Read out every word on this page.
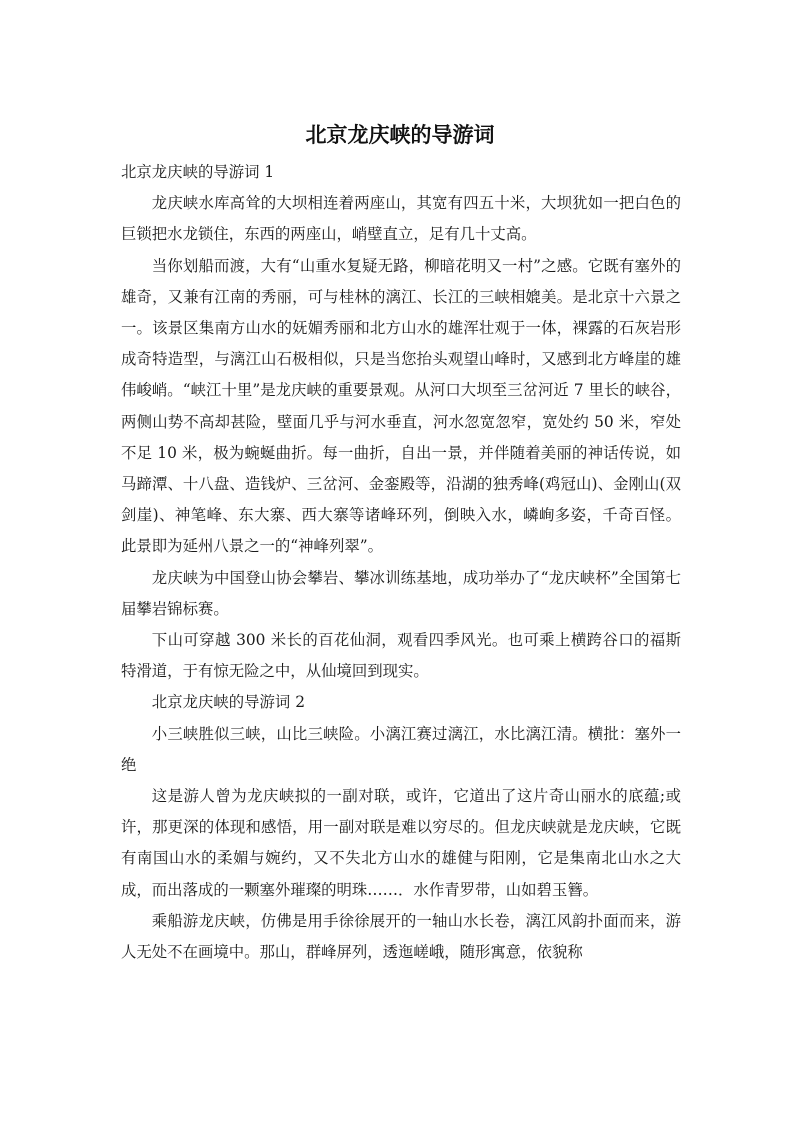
北京龙庆峡的导游词

北京龙庆峡的导游词 1

龙庆峡水库高耸的大坝相连着两座山，其宽有四五十米，大坝犹如一把白色的巨锁把水龙锁住，东西的两座山，峭壁直立，足有几十丈高。

当你划船而渡，大有“山重水复疑无路，柳暗花明又一村”之感。它既有塞外的雄奇，又兼有江南的秀丽，可与桂林的漓江、长江的三峡相媲美。是北京十六景之一。该景区集南方山水的妩媚秀丽和北方山水的雄浑壮观于一体，裸露的石灰岩形成奇特造型，与漓江山石极相似，只是当您抬头观望山峰时，又感到北方峰崖的雄伟峻峭。“峡江十里”是龙庆峡的重要景观。从河口大坝至三岔河近 7 里长的峡谷，两侧山势不高却甚险，壁面几乎与河水垂直，河水忽宽忽窄，宽处约 50 米，窄处不足 10 米，极为蜿蜒曲折。每一曲折，自出一景，并伴随着美丽的神话传说，如马蹄潭、十八盘、造钱炉、三岔河、金銮殿等，沿湖的独秀峰(鸡冠山)、金刚山(双剑崖)、神笔峰、东大寨、西大寨等诸峰环列，倒映入水，嶙峋多姿，千奇百怪。此景即为延州八景之一的“神峰列翠”。

龙庆峡为中国登山协会攀岩、攀冰训练基地，成功举办了“龙庆峡杯”全国第七届攀岩锦标赛。

下山可穿越 300 米长的百花仙洞，观看四季风光。也可乘上横跨谷口的福斯特滑道，于有惊无险之中，从仙境回到现实。

北京龙庆峡的导游词 2

小三峡胜似三峡，山比三峡险。小漓江赛过漓江，水比漓江清。横批：塞外一绝

这是游人曾为龙庆峡拟的一副对联，或许，它道出了这片奇山丽水的底蕴;或许，那更深的体现和感悟，用一副对联是难以穷尽的。但龙庆峡就是龙庆峡，它既有南国山水的柔媚与婉约，又不失北方山水的雄健与阳刚，它是集南北山水之大成，而出落成的一颗塞外璀璨的明珠……．水作青罗带，山如碧玉簪。

乘船游龙庆峡，仿佛是用手徐徐展开的一轴山水长卷，漓江风韵扑面而来，游人无处不在画境中。那山，群峰屏列，透迤嵯峨，随形寓意，依貌称
